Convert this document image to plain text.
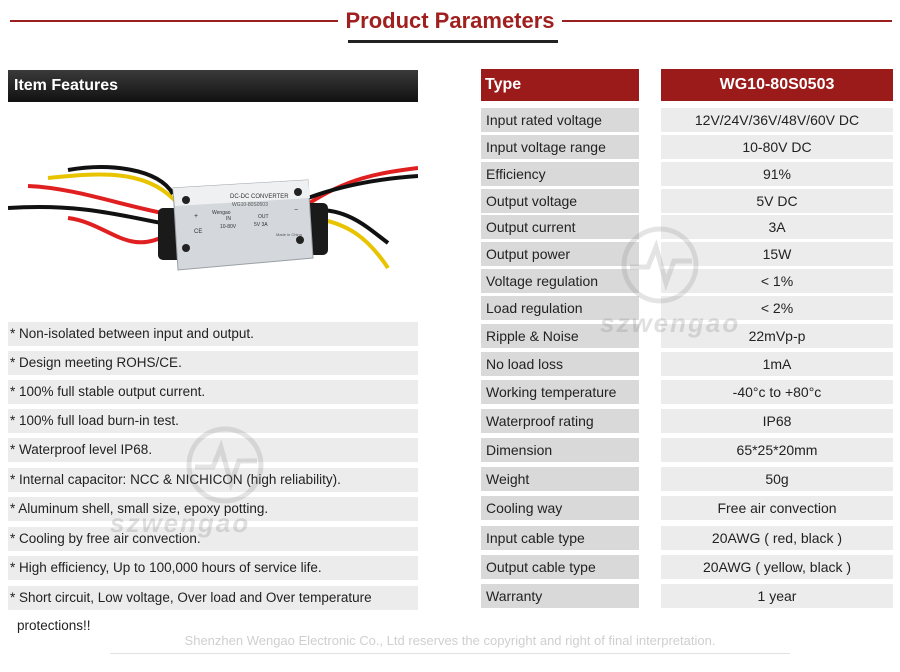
Product Parameters
Item Features
DC-DC CONVERTER
WG10-80S0503
Wengao
IN	OUT
10-80V	5V 3A
Made in China
CE
+
−
* Non-isolated between input and output.
* Design meeting ROHS/CE.
* 100% full stable output current.
* 100% full load burn-in test.
* Waterproof level IP68.
* Internal capacitor: NCC & NICHICON (high reliability).
* Aluminum shell, small size, epoxy potting.
* Cooling by free air convection.
* High efficiency, Up to 100,000 hours of service life.
* Short circuit, Low voltage, Over load and Over temperature
protections!!
Type	WG10-80S0503
Input rated voltage	12V/24V/36V/48V/60V DC
Input voltage range	10-80V DC
Efficiency	91%
Output voltage	5V DC
Output current	3A
Output power	15W
Voltage regulation	< 1%
Load regulation	< 2%
Ripple & Noise	22mVp-p
No load loss	1mA
Working temperature	-40°c to +80°c
Waterproof rating	IP68
Dimension	65*25*20mm
Weight	50g
Cooling way	Free air convection
Input cable type	20AWG ( red, black )
Output cable type	20AWG ( yellow, black )
Warranty	1 year
szwengao
szwengao
Shenzhen Wengao Electronic Co., Ltd reserves the copyright and right of final interpretation.
